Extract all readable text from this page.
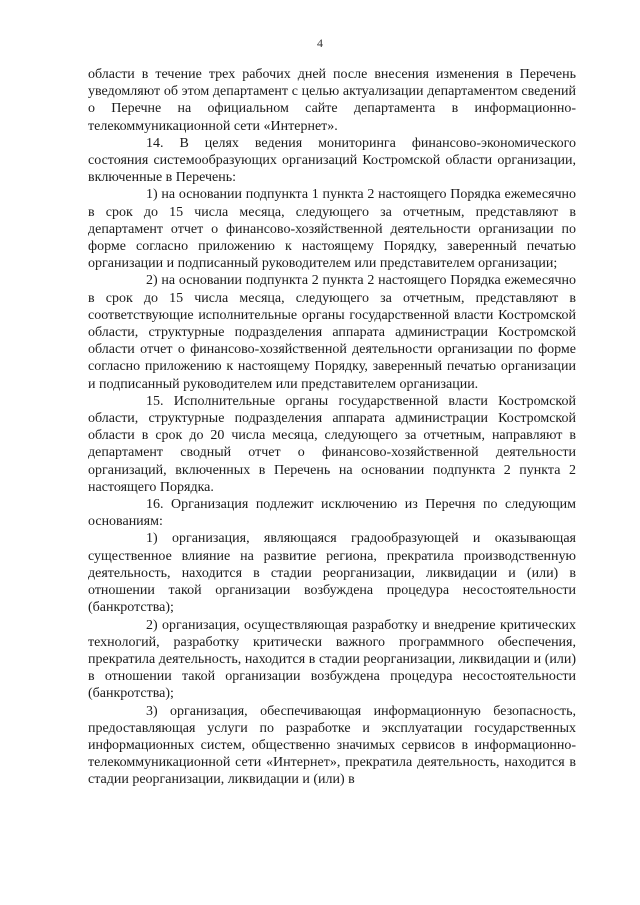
4

области в течение трех рабочих дней после внесения изменения в Перечень уведомляют об этом департамент с целью актуализации департаментом сведений о Перечне на официальном сайте департамента в информационно-телекоммуникационной сети «Интернет».

14. В целях ведения мониторинга финансово-экономического состояния системообразующих организаций Костромской области организации, включенные в Перечень:

1) на основании подпункта 1 пункта 2 настоящего Порядка ежемесячно в срок до 15 числа месяца, следующего за отчетным, представляют в департамент отчет о финансово-хозяйственной деятельности организации по форме согласно приложению к настоящему Порядку, заверенный печатью организации и подписанный руководителем или представителем организации;

2) на основании подпункта 2 пункта 2 настоящего Порядка ежемесячно в срок до 15 числа месяца, следующего за отчетным, представляют в соответствующие исполнительные органы государственной власти Костромской области, структурные подразделения аппарата администрации Костромской области отчет о финансово-хозяйственной деятельности организации по форме согласно приложению к настоящему Порядку, заверенный печатью организации и подписанный руководителем или представителем организации.

15. Исполнительные органы государственной власти Костромской области, структурные подразделения аппарата администрации Костромской области в срок до 20 числа месяца, следующего за отчетным, направляют в департамент сводный отчет о финансово-хозяйственной деятельности организаций, включенных в Перечень на основании подпункта 2 пункта 2 настоящего Порядка.

16. Организация подлежит исключению из Перечня по следующим основаниям:

1) организация, являющаяся градообразующей и оказывающая существенное влияние на развитие региона, прекратила производственную деятельность, находится в стадии реорганизации, ликвидации и (или) в отношении такой организации возбуждена процедура несостоятельности (банкротства);

2) организация, осуществляющая разработку и внедрение критических технологий, разработку критически важного программного обеспечения, прекратила деятельность, находится в стадии реорганизации, ликвидации и (или) в отношении такой организации возбуждена процедура несостоятельности (банкротства);

3) организация, обеспечивающая информационную безопасность, предоставляющая услуги по разработке и эксплуатации государственных информационных систем, общественно значимых сервисов в информационно-телекоммуникационной сети «Интернет», прекратила деятельность, находится в стадии реорганизации, ликвидации и (или) в
